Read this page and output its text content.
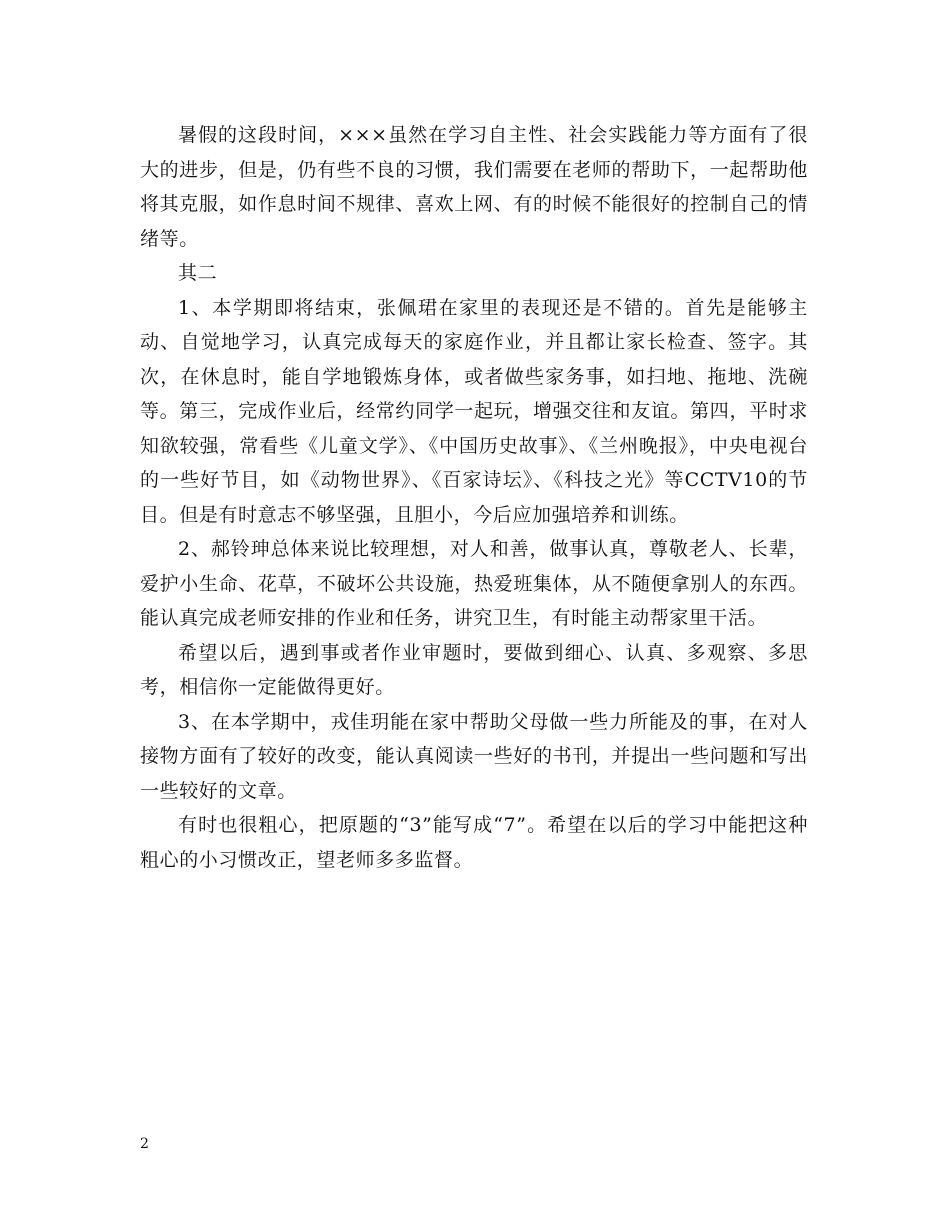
暑假的这段时间，×××虽然在学习自主性、社会实践能力等方面有了很大的进步，但是，仍有些不良的习惯，我们需要在老师的帮助下，一起帮助他将其克服，如作息时间不规律、喜欢上网、有的时候不能很好的控制自己的情绪等。

其二

1、本学期即将结束，张佩珺在家里的表现还是不错的。首先是能够主动、自觉地学习，认真完成每天的家庭作业，并且都让家长检查、签字。其次，在休息时，能自学地锻炼身体，或者做些家务事，如扫地、拖地、洗碗等。第三，完成作业后，经常约同学一起玩，增强交往和友谊。第四，平时求知欲较强，常看些《儿童文学》、《中国历史故事》、《兰州晚报》，中央电视台的一些好节目，如《动物世界》、《百家诗坛》、《科技之光》等CCTV10的节目。但是有时意志不够坚强，且胆小，今后应加强培养和训练。

2、郝铃珅总体来说比较理想，对人和善，做事认真，尊敬老人、长辈，爱护小生命、花草，不破坏公共设施，热爱班集体，从不随便拿别人的东西。能认真完成老师安排的作业和任务，讲究卫生，有时能主动帮家里干活。

希望以后，遇到事或者作业审题时，要做到细心、认真、多观察、多思考，相信你一定能做得更好。

3、在本学期中，戎佳玥能在家中帮助父母做一些力所能及的事，在对人接物方面有了较好的改变，能认真阅读一些好的书刊，并提出一些问题和写出一些较好的文章。

有时也很粗心，把原题的“3”能写成“7”。希望在以后的学习中能把这种粗心的小习惯改正，望老师多多监督。

2
